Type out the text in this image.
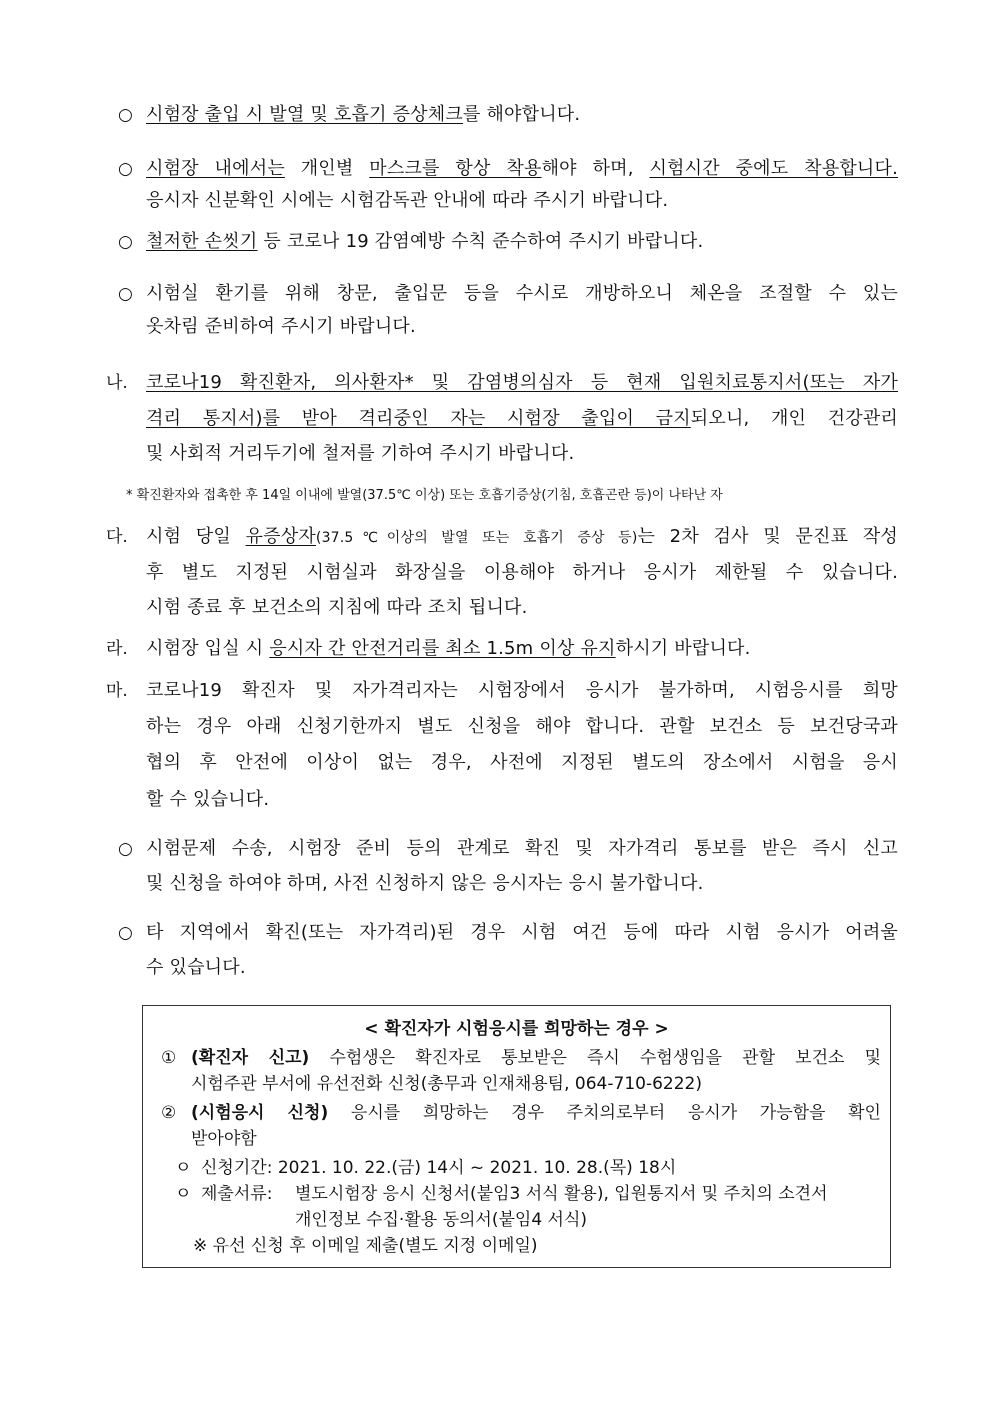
○ 시험장 출입 시 발열 및 호흡기 증상체크를 해야합니다.
○ 시험장 내에서는 개인별 마스크를 항상 착용해야 하며, 시험시간 중에도 착용합니다.
응시자 신분확인 시에는 시험감독관 안내에 따라 주시기 바랍니다.
○ 철저한 손씻기 등 코로나 19 감염예방 수칙 준수하여 주시기 바랍니다.
○ 시험실 환기를 위해 창문, 출입문 등을 수시로 개방하오니 체온을 조절할 수 있는
옷차림 준비하여 주시기 바랍니다.
나. 코로나19 확진환자, 의사환자* 및 감염병의심자 등 현재 입원치료통지서(또는 자가
격리 통지서)를 받아 격리중인 자는 시험장 출입이 금지되오니, 개인 건강관리
및 사회적 거리두기에 철저를 기하여 주시기 바랍니다.
* 확진환자와 접촉한 후 14일 이내에 발열(37.5℃ 이상) 또는 호흡기증상(기침, 호흡곤란 등)이 나타난 자
다. 시험 당일 유증상자(37.5℃이상의 발열 또는 호흡기 증상 등)는 2차 검사 및 문진표 작성
후 별도 지정된 시험실과 화장실을 이용해야 하거나 응시가 제한될 수 있습니다.
시험 종료 후 보건소의 지침에 따라 조치 됩니다.
라. 시험장 입실 시 응시자 간 안전거리를 최소 1.5m 이상 유지하시기 바랍니다.
마. 코로나19 확진자 및 자가격리자는 시험장에서 응시가 불가하며, 시험응시를 희망
하는 경우 아래 신청기한까지 별도 신청을 해야 합니다. 관할 보건소 등 보건당국과
협의 후 안전에 이상이 없는 경우, 사전에 지정된 별도의 장소에서 시험을 응시
할 수 있습니다.
○ 시험문제 수송, 시험장 준비 등의 관계로 확진 및 자가격리 통보를 받은 즉시 신고
및 신청을 하여야 하며, 사전 신청하지 않은 응시자는 응시 불가합니다.
○ 타 지역에서 확진(또는 자가격리)된 경우 시험 여건 등에 따라 시험 응시가 어려울
수 있습니다.
< 확진자가 시험응시를 희망하는 경우 >
① (확진자 신고) 수험생은 확진자로 통보받은 즉시 수험생임을 관할 보건소 및
시험주관 부서에 유선전화 신청(총무과 인재채용팀, 064-710-6222)
② (시험응시 신청) 응시를 희망하는 경우 주치의로부터 응시가 가능함을 확인
받아야함
ㅇ 신청기간: 2021. 10. 22.(금) 14시 ~ 2021. 10. 28.(목) 18시
ㅇ 제출서류: 별도시험장 응시 신청서(붙임3 서식 활용), 입원통지서 및 주치의 소견서
개인정보 수집·활용 동의서(붙임4 서식)
※ 유선 신청 후 이메일 제출(별도 지정 이메일)
